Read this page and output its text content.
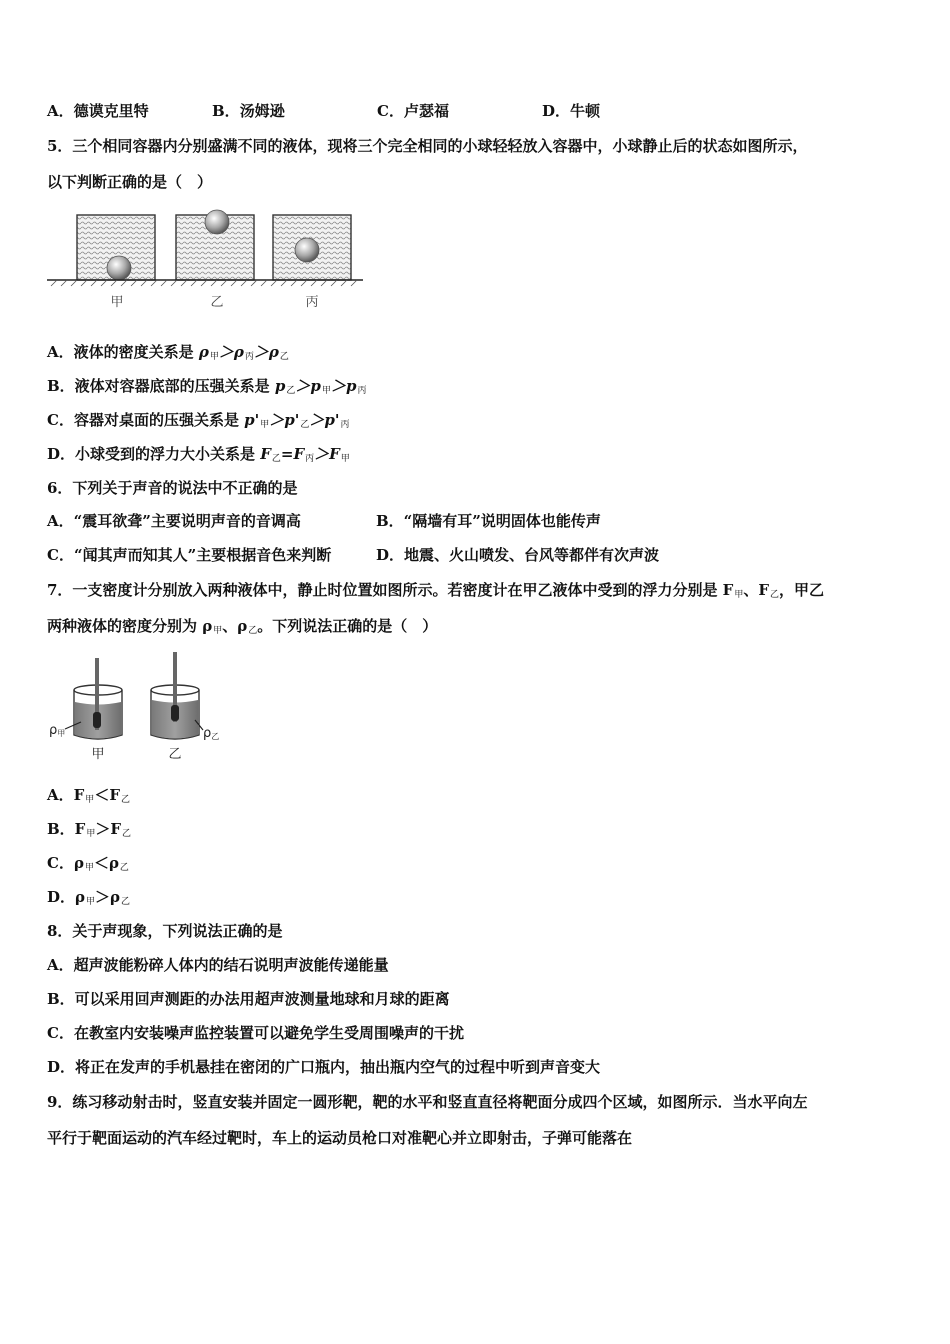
A．德谟克里特	B．汤姆逊	C．卢瑟福	D．牛顿
5．三个相同容器内分别盛满不同的液体，现将三个完全相同的小球轻轻放入容器中，小球静止后的状态如图所示，
以下判断正确的是（　）
甲	乙	丙
A．液体的密度关系是 $\rho_甲>\rho_丙>\rho_乙$
B．液体对容器底部的压强关系是 $p_乙>p_甲>p_丙$
C．容器对桌面的压强关系是 $p'_甲>p'_乙>p'_丙$
D．小球受到的浮力大小关系是 $F_乙=F_丙>F_甲$
6．下列关于声音的说法中不正确的是
A．“震耳欲聋”主要说明声音的音调高	B．“隔墙有耳”说明固体也能传声
C．“闻其声而知其人”主要根据音色来判断	D．地震、火山喷发、台风等都伴有次声波
7．一支密度计分别放入两种液体中，静止时位置如图所示。若密度计在甲乙液体中受到的浮力分别是 $F_甲$、$F_乙$，甲乙
两种液体的密度分别为 $\rho_甲$、$\rho_乙$。下列说法正确的是（　）
ρ甲	ρ乙
甲	乙
A．$F_甲<F_乙$
B．$F_甲>F_乙$
C．$\rho_甲<\rho_乙$
D．$\rho_甲>\rho_乙$
8．关于声现象，下列说法正确的是
A．超声波能粉碎人体内的结石说明声波能传递能量
B．可以采用回声测距的办法用超声波测量地球和月球的距离
C．在教室内安装噪声监控装置可以避免学生受周围噪声的干扰
D．将正在发声的手机悬挂在密闭的广口瓶内，抽出瓶内空气的过程中听到声音变大
9．练习移动射击时，竖直安装并固定一圆形靶，靶的水平和竖直直径将靶面分成四个区域，如图所示．当水平向左
平行于靶面运动的汽车经过靶时，车上的运动员枪口对准靶心并立即射击，子弹可能落在
